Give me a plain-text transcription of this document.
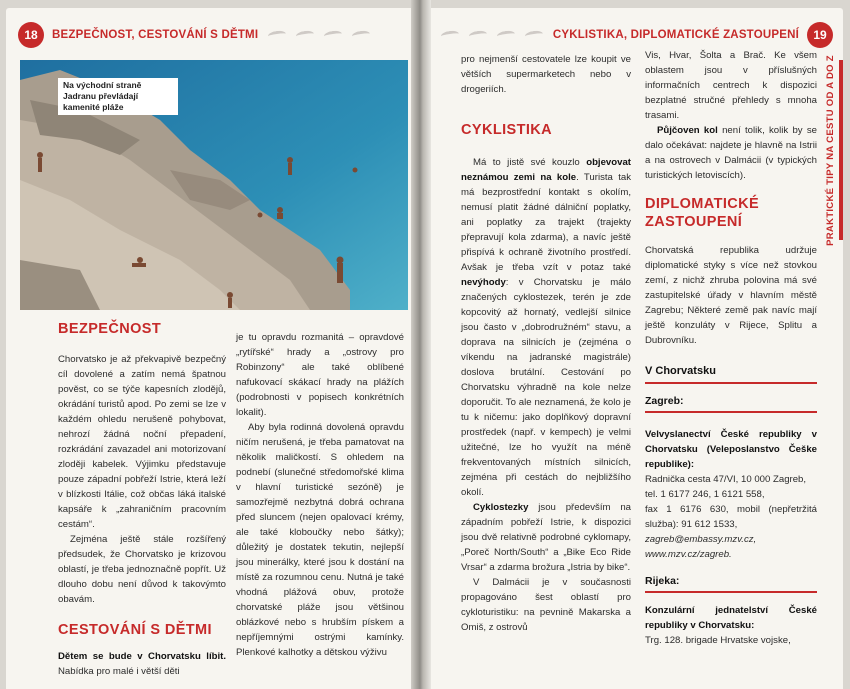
18	BEZPEČNOST, CESTOVÁNÍ S DĚTMI
Na východní straně Jadranu převládají kamenité pláže
BEZPEČNOST

Chorvatsko je až překvapivě bezpečný cíl dovolené a zatím nemá špatnou pověst, co se týče kapesních zlodějů, okrádání turistů apod. Po zemi se lze v každém ohledu nerušeně pohybovat, nehrozí žádná noční přepadení, rozkrádání zavazadel ani motorizovaní zloději kabelek. Výjimku představuje pouze západní pobřeží Istrie, která leží v blízkosti Itálie, což občas láká italské kapsáře k „zahraničním pracovním cestám“.

Zejména ještě stále rozšířený předsudek, že Chorvatsko je krizovou oblastí, je třeba jednoznačně popřít. Už dlouho dobu není důvod k takovýmto obavám.

CESTOVÁNÍ S DĚTMI

Dětem se bude v Chorvatsku líbit. Nabídka pro malé i větší děti

je tu opravdu rozmanitá – opravdové „rytířské“ hrady a „ostrovy pro Robinzony“ ale také oblíbené nafukovací skákací hrady na plážích (podrobnosti v popisech konkrétních lokalit).

Aby byla rodinná dovolená opravdu ničím nerušená, je třeba pamatovat na několik maličkostí. S ohledem na podnebí (slunečné středomořské klima v hlavní turistické sezóně) je samozřejmě nezbytná dobrá ochrana před sluncem (nejen opalovací krémy, ale také kloboučky nebo šátky); důležitý je dostatek tekutin, nejlepší jsou minerálky, které jsou k dostání na místě za rozumnou cenu. Nutná je také vhodná plážová obuv, protože chorvatské pláže jsou většinou oblázkové nebo s hrubším pískem a nepříjemnými ostrými kamínky. Plenkové kalhotky a dětskou výživu

CYKLISTIKA, DIPLOMATICKÉ ZASTOUPENÍ	19
PRAKTICKÉ TIPY NA CESTU OD A DO Z

pro nejmenší cestovatele lze koupit ve větších supermarketech nebo v drogeriích.

CYKLISTIKA

Má to jistě své kouzlo objevovat neznámou zemi na kole. Turista tak má bezprostřední kontakt s okolím, nemusí platit žádné dálniční poplatky, ani poplatky za trajekt (trajekty přepravují kola zdarma), a navíc ještě přispívá k ochraně životního prostředí. Avšak je třeba vzít v potaz také nevýhody: v Chorvatsku je málo značených cyklostezek, terén je zde kopcovitý až hornatý, vedlejší silnice jsou často v „dobrodružném“ stavu, a doprava na silnicích je (zejména o víkendu na jadranské magistrále) doslova brutální. Cestování po Chorvatsku výhradně na kole nelze doporučit. To ale neznamená, že kolo je tu k ničemu: jako doplňkový dopravní prostředek (např. v kempech) je velmi užitečné, lze ho využít na méně frekventovaných místních silnicích, zejména při cestách do nejbližšího okolí.

Cyklostezky jsou především na západním pobřeží Istrie, k dispozici jsou dvě relativně podrobné cyklomapy, „Poreč North/South“ a „Bike Eco Ride Vrsar“ a zdarma brožura „Istria by bike“.

V Dalmácii je v současnosti propagováno šest oblastí pro cykloturistiku: na pevnině Makarska a Omiš, z ostrovů

Vis, Hvar, Šolta a Brač. Ke všem oblastem jsou v příslušných informačních centrech k dispozici bezplatné stručné přehledy s mnoha trasami.

Půjčoven kol není tolik, kolik by se dalo očekávat: najdete je hlavně na Istrii a na ostrovech v Dalmácii (v typických turistických letoviscích).

DIPLOMATICKÉ ZASTOUPENÍ

Chorvatská republika udržuje diplomatické styky s více než stovkou zemí, z nichž zhruba polovina má své zastupitelské úřady v hlavním městě Zagrebu; Některé země pak navíc mají ještě konzuláty v Rijece, Splitu a Dubrovníku.

V Chorvatsku
Zagreb:

Velvyslanectví České republiky v Chorvatsku (Veleposlanstvo Češke republike):

Radnička cesta 47/VI, 10 000 Zagreb,

tel. 1 6177 246, 1 6121 558,

fax 1 6176 630, mobil (nepřetržitá služba): 91 612 1533,

zagreb@embassy.mzv.cz,

www.mzv.cz/zagreb.

Rijeka:

Konzulární jednatelství České republiky v Chorvatsku:

Trg. 128. brigade Hrvatske vojske,
